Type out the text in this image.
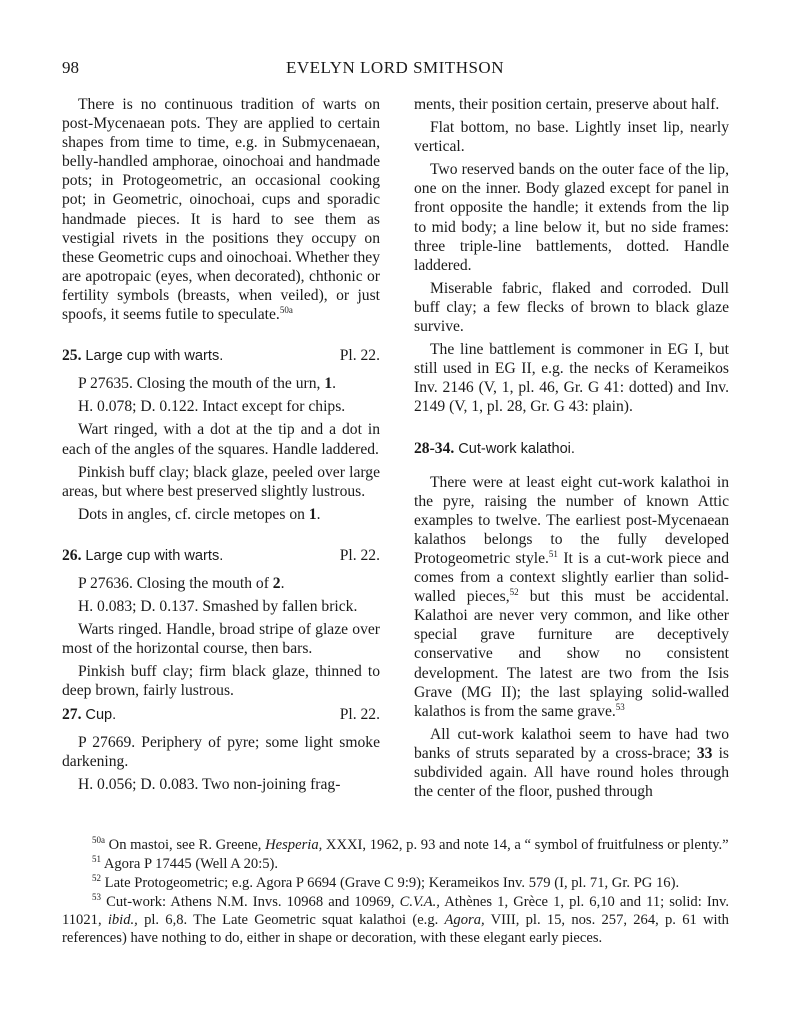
98	EVELYN LORD SMITHSON

There is no continuous tradition of warts on post-Mycenaean pots. They are applied to certain shapes from time to time, e.g. in Submycenaean, belly-handled amphorae, oinochoai and handmade pots; in Protogeometric, an occasional cooking pot; in Geometric, oinochoai, cups and sporadic handmade pieces. It is hard to see them as vestigial rivets in the positions they occupy on these Geometric cups and oinochoai. Whether they are apotropaic (eyes, when decorated), chthonic or fertility symbols (breasts, when veiled), or just spoofs, it seems futile to speculate.$^{50a}$

25. Large cup with warts.	Pl. 22.

P 27635. Closing the mouth of the urn, 1.

H. 0.078; D. 0.122. Intact except for chips.

Wart ringed, with a dot at the tip and a dot in each of the angles of the squares. Handle laddered.

Pinkish buff clay; black glaze, peeled over large areas, but where best preserved slightly lustrous.

Dots in angles, cf. circle metopes on 1.

26. Large cup with warts.	Pl. 22.

P 27636. Closing the mouth of 2.

H. 0.083; D. 0.137. Smashed by fallen brick.

Warts ringed. Handle, broad stripe of glaze over most of the horizontal course, then bars.

Pinkish buff clay; firm black glaze, thinned to deep brown, fairly lustrous.

27. Cup.	Pl. 22.

P 27669. Periphery of pyre; some light smoke darkening.

H. 0.056; D. 0.083. Two non-joining frag-

ments, their position certain, preserve about half.

Flat bottom, no base. Lightly inset lip, nearly vertical.

Two reserved bands on the outer face of the lip, one on the inner. Body glazed except for panel in front opposite the handle; it extends from the lip to mid body; a line below it, but no side frames: three triple-line battlements, dotted. Handle laddered.

Miserable fabric, flaked and corroded. Dull buff clay; a few flecks of brown to black glaze survive.

The line battlement is commoner in EG I, but still used in EG II, e.g. the necks of Kerameikos Inv. 2146 (V, 1, pl. 46, Gr. G 41: dotted) and Inv. 2149 (V, 1, pl. 28, Gr. G 43: plain).

28-34. Cut-work kalathoi.

There were at least eight cut-work kalathoi in the pyre, raising the number of known Attic examples to twelve. The earliest post-Mycenaean kalathos belongs to the fully developed Protogeometric style.$^{51}$ It is a cut-work piece and comes from a context slightly earlier than solid-walled pieces,$^{52}$ but this must be accidental. Kalathoi are never very common, and like other special grave furniture are deceptively conservative and show no consistent development. The latest are two from the Isis Grave (MG II); the last splaying solid-walled kalathos is from the same grave.$^{53}$

All cut-work kalathoi seem to have had two banks of struts separated by a cross-brace; 33 is subdivided again. All have round holes through the center of the floor, pushed through

$^{50a}$ On mastoi, see R. Greene, Hesperia, XXXI, 1962, p. 93 and note 14, a “ symbol of fruitfulness or plenty.”

$^{51}$ Agora P 17445 (Well A 20:5).

$^{52}$ Late Protogeometric; e.g. Agora P 6694 (Grave C 9:9); Kerameikos Inv. 579 (I, pl. 71, Gr. PG 16).

$^{53}$ Cut-work: Athens N.M. Invs. 10968 and 10969, C.V.A., Athènes 1, Grèce 1, pl. 6,10 and 11; solid: Inv. 11021, ibid., pl. 6,8. The Late Geometric squat kalathoi (e.g. Agora, VIII, pl. 15, nos. 257, 264, p. 61 with references) have nothing to do, either in shape or decoration, with these elegant early pieces.
